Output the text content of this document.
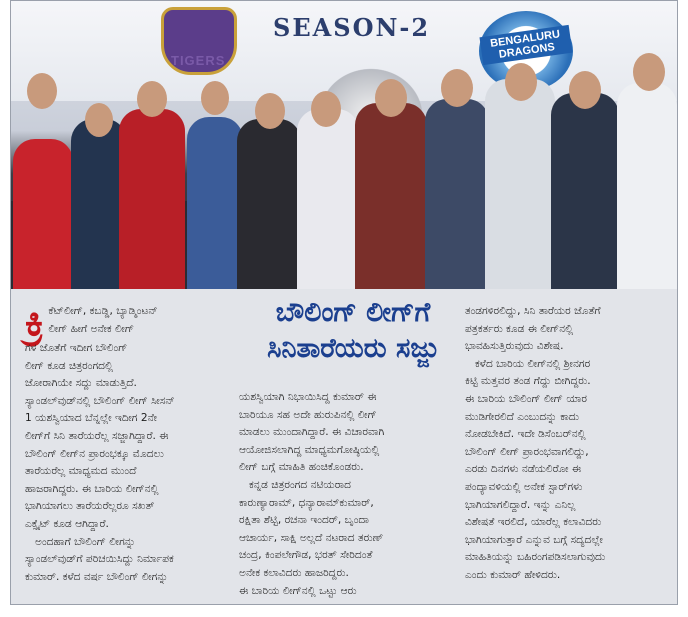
TIGERS
SEASON-2	BENGALURU DRAGONS
ಬೌಲಿಂಗ್ ಲೀಗ್‌ಗೆ
ಸಿನಿತಾರೆಯರು ಸಜ್ಜು
ಕ್ರಿ ಕೆಟ್‌ಲೀಗ್, ಕಬಡ್ಡಿ, ಬ್ಯಾಡ್ಮಿಂಟನ್

ಲೀಗ್ ಹೀಗೆ ಅನೇಕ ಲೀಗ್

ಗಳ ಜೊತೆಗೆ ಇದೀಗ ಬೌಲಿಂಗ್

ಲೀಗ್ ಕೂಡ ಚಿತ್ರರಂಗದಲ್ಲಿ

ಜೋರಾಗಿಯೇ ಸದ್ದು ಮಾಡುತ್ತಿದೆ.

ಸ್ಯಾಂಡಲ್‌ವುಡ್‌ನಲ್ಲಿ ಬೌಲಿಂಗ್ ಲೀಗ್ ಸೀಸನ್

1 ಯಶಸ್ವಿಯಾದ ಬೆನ್ನಲ್ಲೇ ಇದೀಗ 2ನೇ

ಲೀಗ್‌ಗೆ ಸಿನಿ ತಾರೆಯರೆಲ್ಲ ಸಜ್ಜಾಗಿದ್ದಾರೆ. ಈ

ಬೌಲಿಂಗ್ ಲೀಗ್‌ನ ಪ್ರಾರಂಭಕ್ಕೂ ಮೊದಲು

ತಾರೆಯರೆಲ್ಲ ಮಾಧ್ಯಮದ ಮುಂದೆ

ಹಾಜರಾಗಿದ್ದರು. ಈ ಬಾರಿಯ ಲೀಗ್‌ನಲ್ಲಿ

ಭಾಗಿಯಾಗಲು ತಾರೆಯರೆಲ್ಲರೂ ಸಖತ್

ಎಕ್ಸೈಟ್ ಕೂಡ ಆಗಿದ್ದಾರೆ.

ಅಂದಹಾಗೆ ಬೌಲಿಂಗ್ ಲೀಗನ್ನು

ಸ್ಯಾಂಡಲ್‌ವುಡ್‌ಗೆ ಪರಿಚಯಿಸಿದ್ದು ನಿರ್ಮಾಪಕ

ಕುಮಾರ್. ಕಳೆದ ವರ್ಷ ಬೌಲಿಂಗ್ ಲೀಗನ್ನು

ಯಶಸ್ವಿಯಾಗಿ ನಿಭಾಯಿಸಿದ್ದ ಕುಮಾರ್ ಈ

ಬಾರಿಯೂ ಸಹ ಅದೇ ಹುರುಪಿನಲ್ಲಿ ಲೀಗ್

ಮಾಡಲು ಮುಂದಾಗಿದ್ದಾರೆ. ಈ ವಿಚಾರವಾಗಿ

ಆಯೋಜಿಸಲಾಗಿದ್ದ ಮಾಧ್ಯಮಗೋಷ್ಠಿಯಲ್ಲಿ

ಲೀಗ್ ಬಗ್ಗೆ ಮಾಹಿತಿ ಹಂಚಿಕೊಂಡರು.

ಕನ್ನಡ ಚಿತ್ರರಂಗದ ನಟಿಯರಾದ

ಕಾರುಣ್ಯಾರಾಮ್, ಧನ್ಯಾರಾಮ್‌ಕುಮಾರ್,

ರಕ್ಷಿತಾ ಶೆಟ್ಟಿ, ರಚನಾ ಇಂದರ್, ಬೃಂದಾ

ಆಚಾರ್ಯ, ಸಾಕ್ಷಿ ಅಲ್ಲದೆ ನಟರಾದ ತರುಣ್

ಚಂದ್ರ, ಕಿಂಪಲೇಗೌಡ, ಭರತ್ ಸೇರಿದಂತೆ

ಅನೇಕ ಕಲಾವಿದರು ಹಾಜರಿದ್ದರು.

ಈ ಬಾರಿಯ ಲೀಗ್‌ನಲ್ಲಿ ಒಟ್ಟು ಆರು

ತಂಡಗಳಿರಲಿದ್ದು, ಸಿನಿ ತಾರೆಯರ ಜೊತೆಗೆ

ಪತ್ರಕರ್ತರು ಕೂಡ ಈ ಲೀಗ್‌ನಲ್ಲಿ

ಭಾವಹಿಸುತ್ತಿರುವುದು ವಿಶೇಷ.

ಕಳೆದ ಬಾರಿಯ ಲೀಗ್‌ನಲ್ಲಿ ಶ್ರೀನಗರ

ಕಿಟ್ಟಿ ಮತ್ತವರ ತಂಡ ಗೆದ್ದು ಬೀಗಿದ್ದರು.

ಈ ಬಾರಿಯ ಬೌಲಿಂಗ್ ಲೀಗ್ ಯಾರ

ಮುಡಿಗೇರಲಿದೆ ಎಂಬುದನ್ನು ಕಾದು

ನೋಡಬೇಕಿದೆ. ಇದೇ ಡಿಸೆಂಬರ್‌ನಲ್ಲಿ

ಬೌಲಿಂಗ್ ಲೀಗ್ ಪ್ರಾರಂಭವಾಗಲಿದ್ದು,

ಎರಡು ದಿನಗಳು ನಡೆಯಲಿರೋ ಈ

ಪಂದ್ಯಾವಳಿಯಲ್ಲಿ ಅನೇಕ ಸ್ಟಾರ್‌ಗಳು

ಭಾಗಿಯಾಗಲಿದ್ದಾರೆ. ಇನ್ನು ಎನಿಲ್ಲ

ವಿಶೇಷತೆ ಇರಲಿದೆ, ಯಾರೆಲ್ಲ ಕಲಾವಿದರು

ಭಾಗಿಯಾಗುತ್ತಾರೆ ಎನ್ನುವ ಬಗ್ಗೆ ಸದ್ಯದಲ್ಲೇ

ಮಾಹಿತಿಯನ್ನು ಬಹಿರಂಗಪಡಿಸಲಾಗುವುದು

ಎಂದು ಕುಮಾರ್ ಹೇಳಿದರು.
